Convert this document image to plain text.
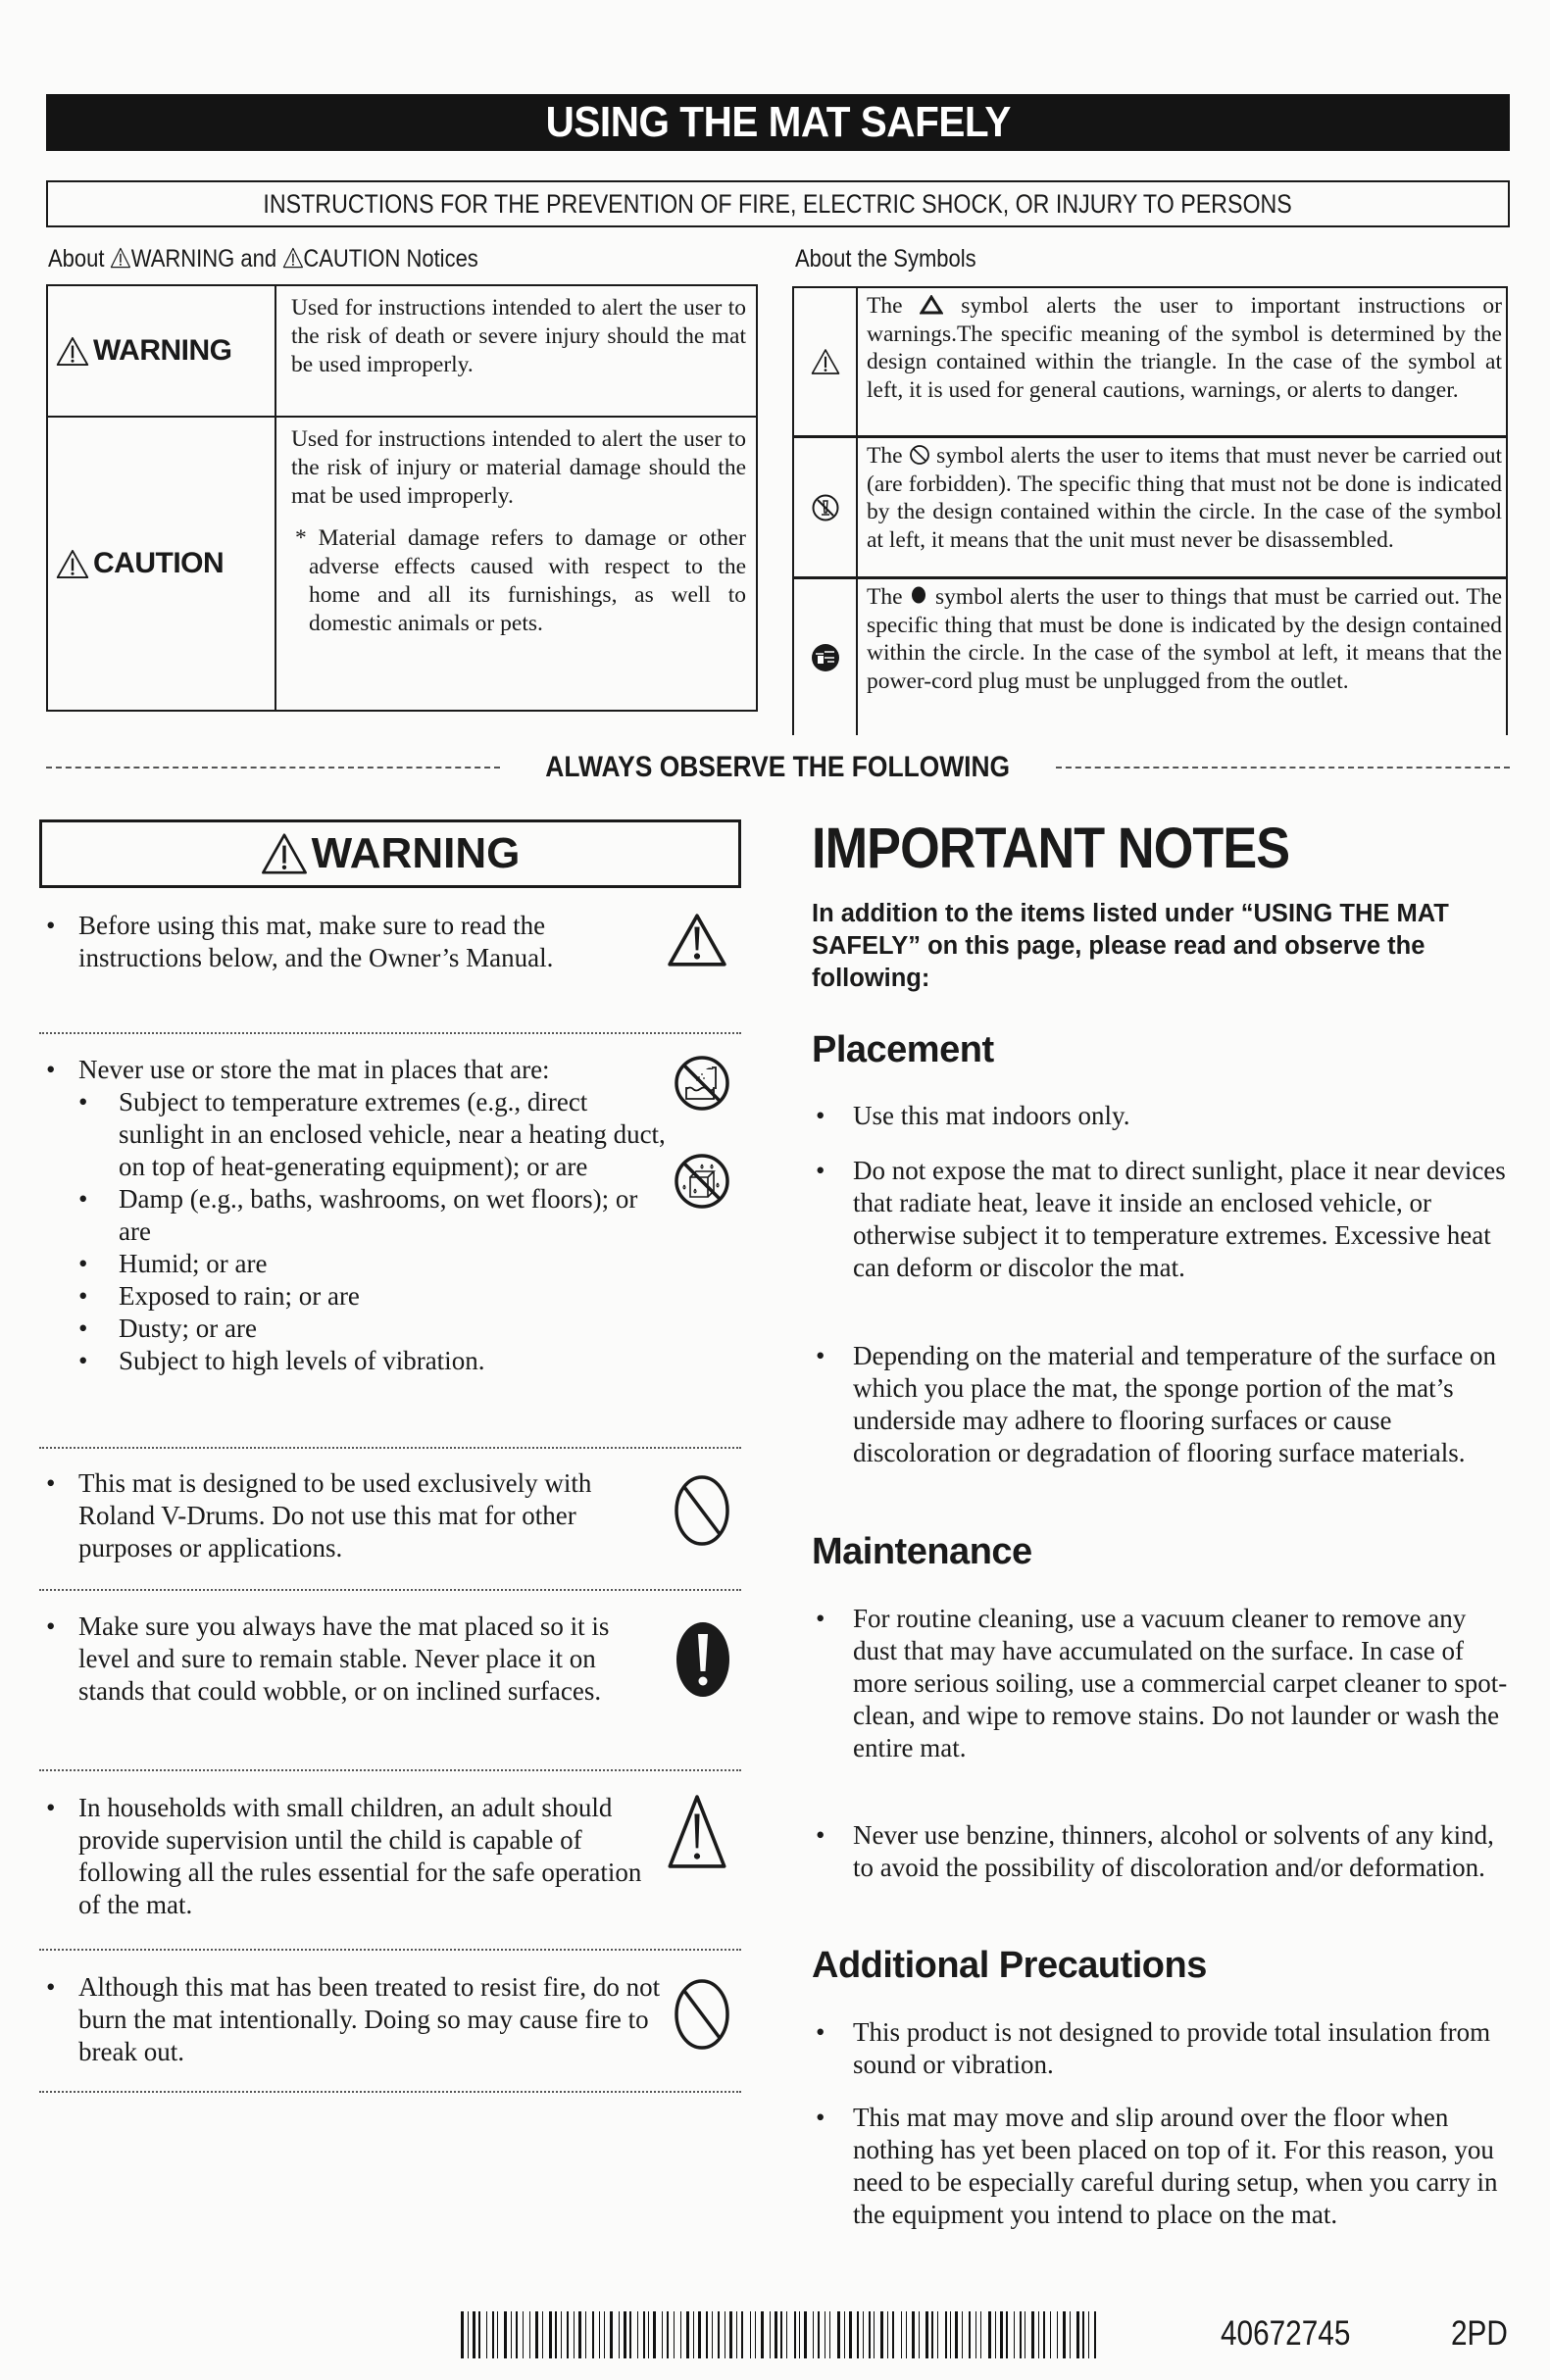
USING THE MAT SAFELY
INSTRUCTIONS FOR THE PREVENTION OF FIRE, ELECTRIC SHOCK, OR INJURY TO PERSONS
About WARNING and CAUTION Notices	About the Symbols
WARNING
Used for instructions intended to alert the user to the risk of death or severe injury should the mat be used improperly.
CAUTION
Used for instructions intended to alert the user to the risk of injury or material damage should the mat be used improperly.
* Material damage refers to damage or other adverse effects caused with respect to the home and all its furnishings, as well to domestic animals or pets.
The	symbol alerts the user to important instructions or warnings.The specific meaning of the symbol is determined by the design contained within the triangle. In the case of the symbol at left, it is used for general cautions, warnings, or alerts to danger.
The symbol alerts the user to items that must never be carried out (are forbidden). The specific thing that must not be done is indicated by the design contained within the circle. In the case of the symbol at left, it means that the unit must never be disassembled.
The symbol alerts the user to things that must be carried out. The specific thing that must be done is indicated by the design contained within the circle. In the case of the symbol at left, it means that the power-cord plug must be unplugged from the outlet.
ALWAYS OBSERVE THE FOLLOWING
WARNING
• Before using this mat, make sure to read the instructions below, and the Owner’s Manual.
• Never use or store the mat in places that are:
• Subject to temperature extremes (e.g., direct sunlight in an enclosed vehicle, near a heating duct, on top of heat-generating equipment); or are
• Damp (e.g., baths, washrooms, on wet floors); or are
• Humid; or are
• Exposed to rain; or are
• Dusty; or are
• Subject to high levels of vibration.
• This mat is designed to be used exclusively with Roland V-Drums. Do not use this mat for other purposes or applications.
• Make sure you always have the mat placed so it is level and sure to remain stable. Never place it on stands that could wobble, or on inclined surfaces.
• In households with small children, an adult should provide supervision until the child is capable of following all the rules essential for the safe operation of the mat.
• Although this mat has been treated to resist fire, do not burn the mat intentionally. Doing so may cause fire to break out.
IMPORTANT NOTES
In addition to the items listed under “USING THE MAT SAFELY” on this page, please read and observe the following:
Placement
• Use this mat indoors only.
• Do not expose the mat to direct sunlight, place it near devices that radiate heat, leave it inside an enclosed vehicle, or otherwise subject it to temperature extremes. Excessive heat can deform or discolor the mat.
• Depending on the material and temperature of the surface on which you place the mat, the sponge portion of the mat’s underside may adhere to flooring surfaces or cause discoloration or degradation of flooring surface materials.
Maintenance
• For routine cleaning, use a vacuum cleaner to remove any dust that may have accumulated on the surface. In case of more serious soiling, use a commercial carpet cleaner to spot-clean, and wipe to remove stains. Do not launder or wash the entire mat.
• Never use benzine, thinners, alcohol or solvents of any kind, to avoid the possibility of discoloration and/or deformation.
Additional Precautions
• This product is not designed to provide total insulation from sound or vibration.
• This mat may move and slip around over the floor when nothing has yet been placed on top of it. For this reason, you need to be especially careful during setup, when you carry in the equipment you intend to place on the mat.
40672745	2PD
